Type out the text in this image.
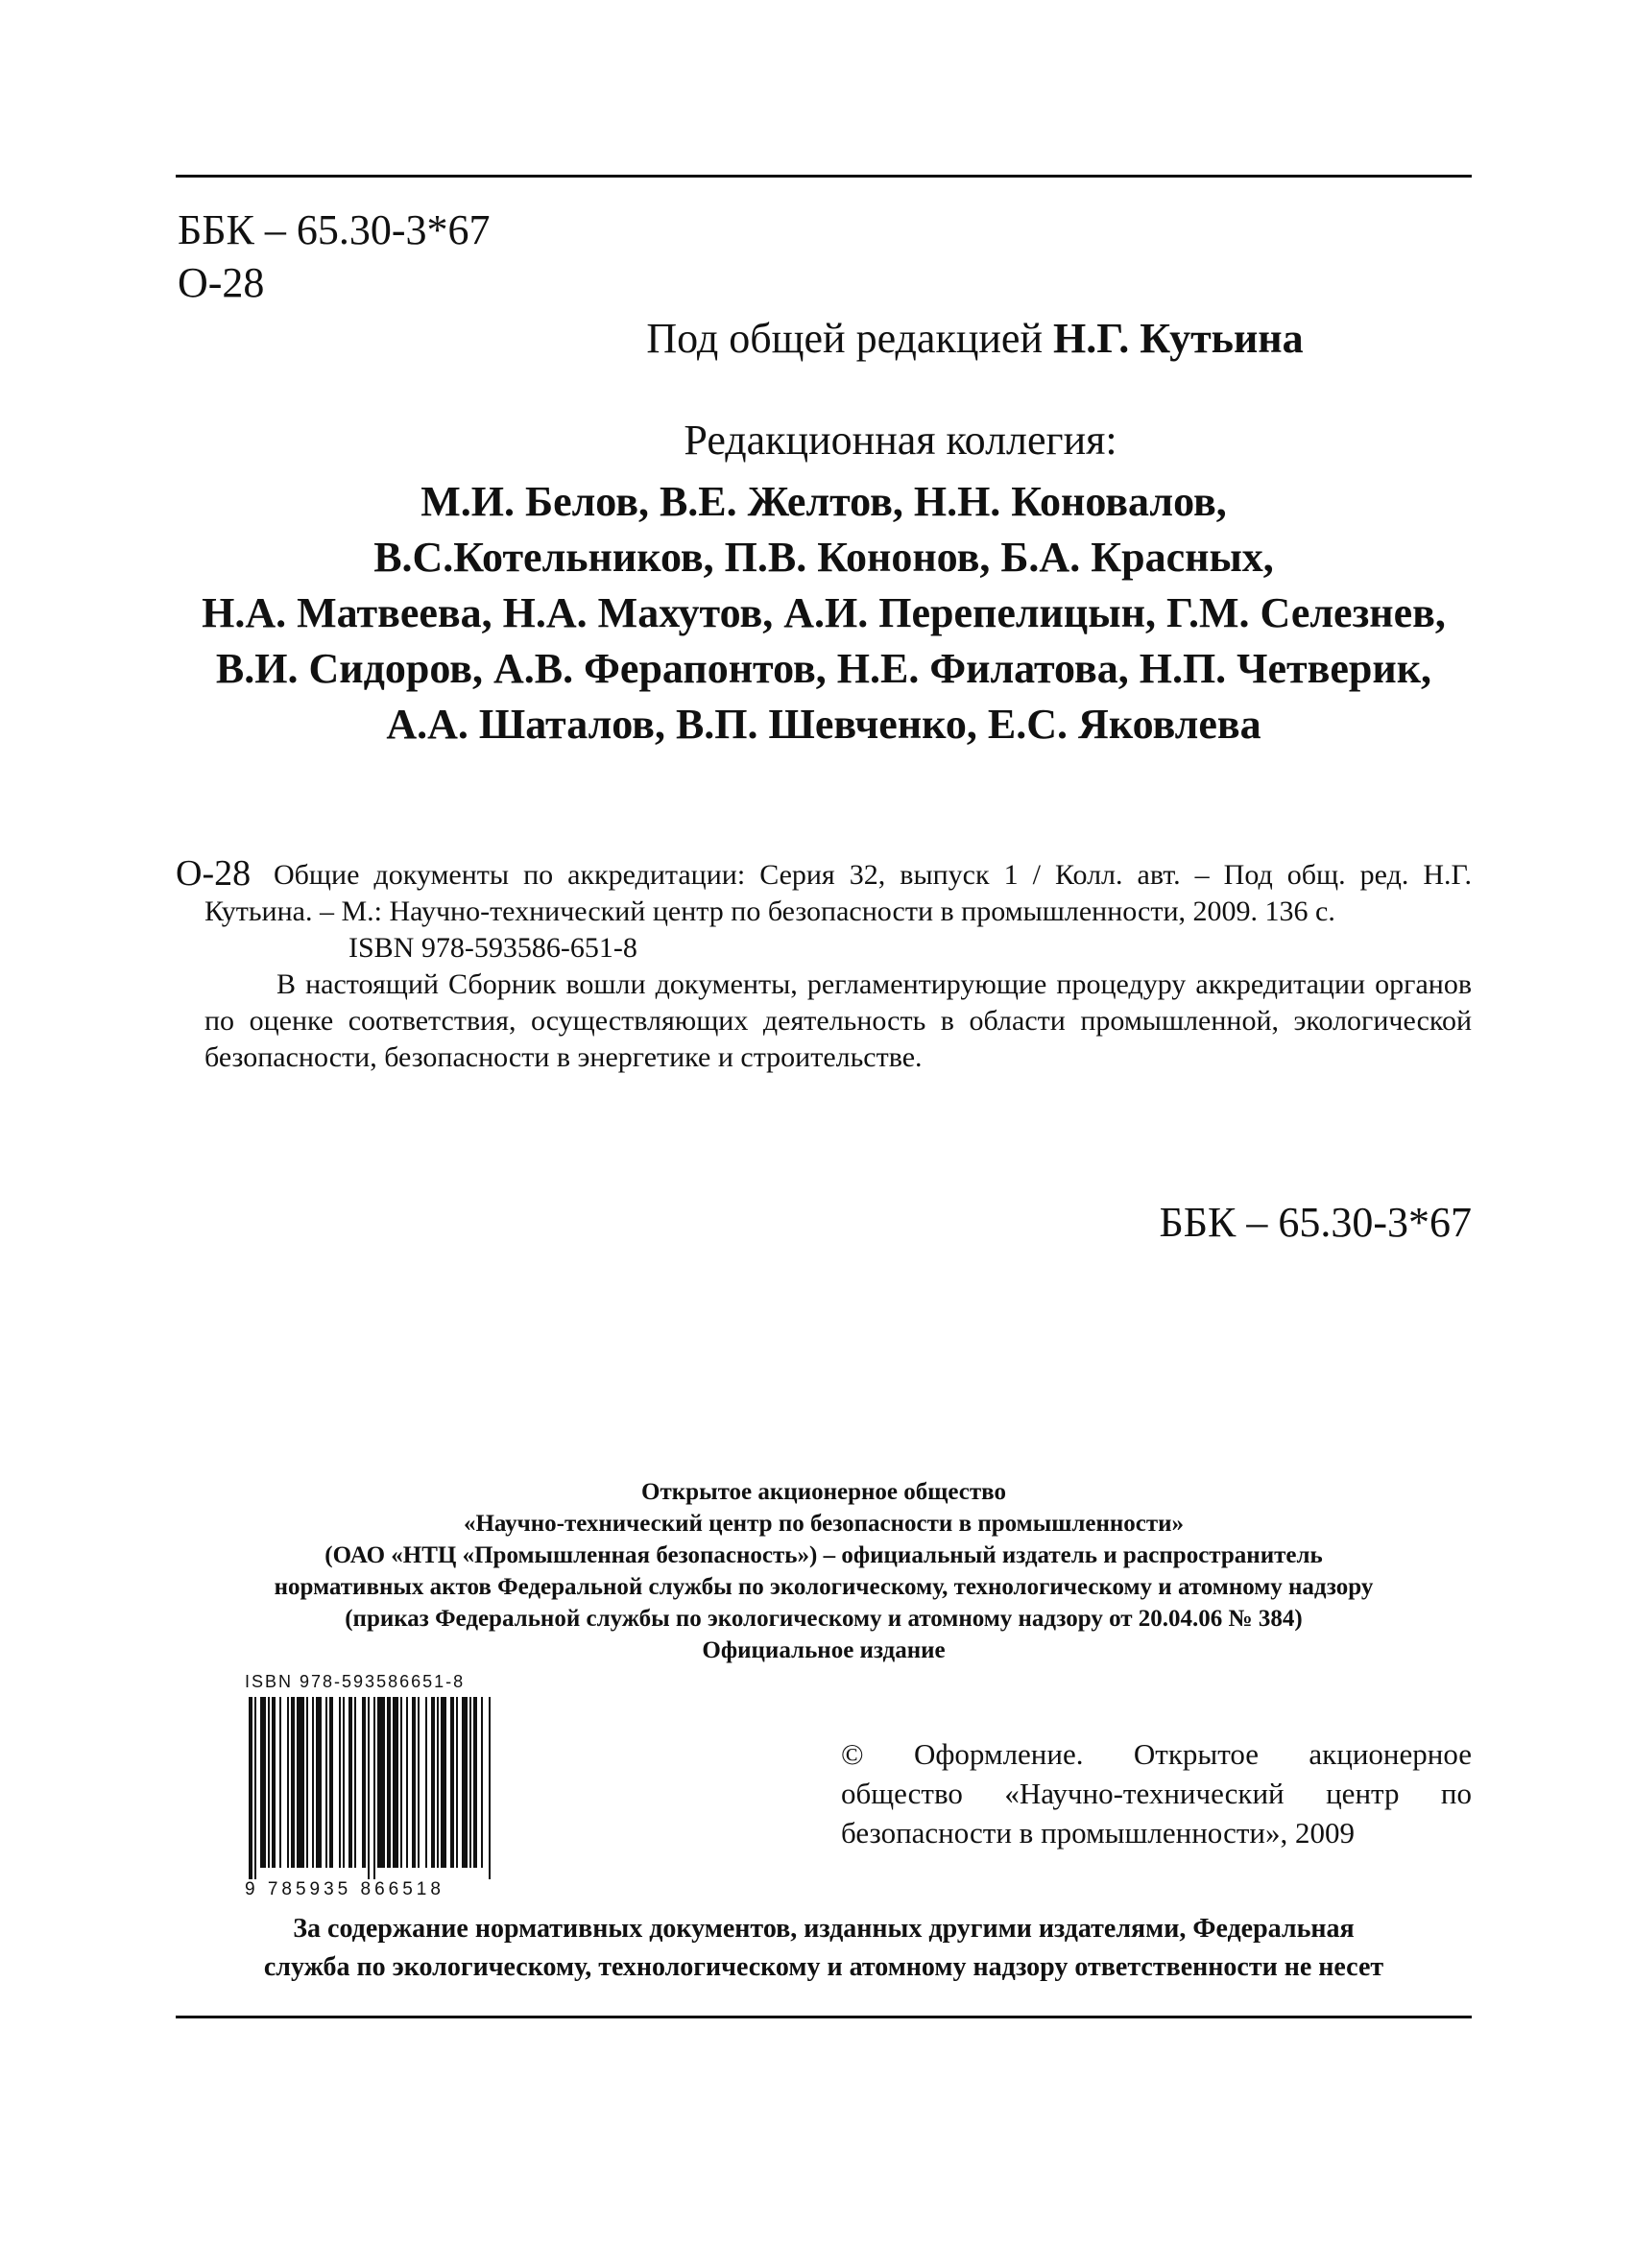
ББК – 65.30-3*67
О-28
Под общей редакцией Н.Г. Кутьина
Редакционная коллегия:
М.И. Белов, В.Е. Желтов, Н.Н. Коновалов,
В.С.Котельников, П.В. Кононов, Б.А. Красных,
Н.А. Матвеева, Н.А. Махутов, А.И. Перепелицын, Г.М. Селезнев,
В.И. Сидоров, А.В. Ферапонтов, Н.Е. Филатова, Н.П. Четверик,
А.А. Шаталов, В.П. Шевченко, Е.С. Яковлева
О-28 Общие документы по аккредитации: Серия 32, выпуск 1 / Колл. авт. – Под общ. ред. Н.Г. Кутьина. – М.: Научно-технический центр по безопасности в промышленности, 2009. 136 с.

ISBN 978-593586-651-8

В настоящий Сборник вошли документы, регламентирующие процедуру аккредитации органов по оценке соответствия, осуществляющих деятельность в области промышленной, экологической безопасности, безопасности в энергетике и строительстве.

ББК – 65.30-3*67
Открытое акционерное общество
«Научно-технический центр по безопасности в промышленности»
(ОАО «НТЦ «Промышленная безопасность») – официальный издатель и распространитель
нормативных актов Федеральной службы по экологическому, технологическому и атомному надзору
(приказ Федеральной службы по экологическому и атомному надзору от 20.04.06 № 384)
Официальное издание
ISBN 978-593586651-8
9 785935 866518
© Оформление. Открытое акционерное общество «Научно-технический центр по безопасности в промышленности», 2009
За содержание нормативных документов, изданных другими издателями, Федеральная
служба по экологическому, технологическому и атомному надзору ответственности не несет
